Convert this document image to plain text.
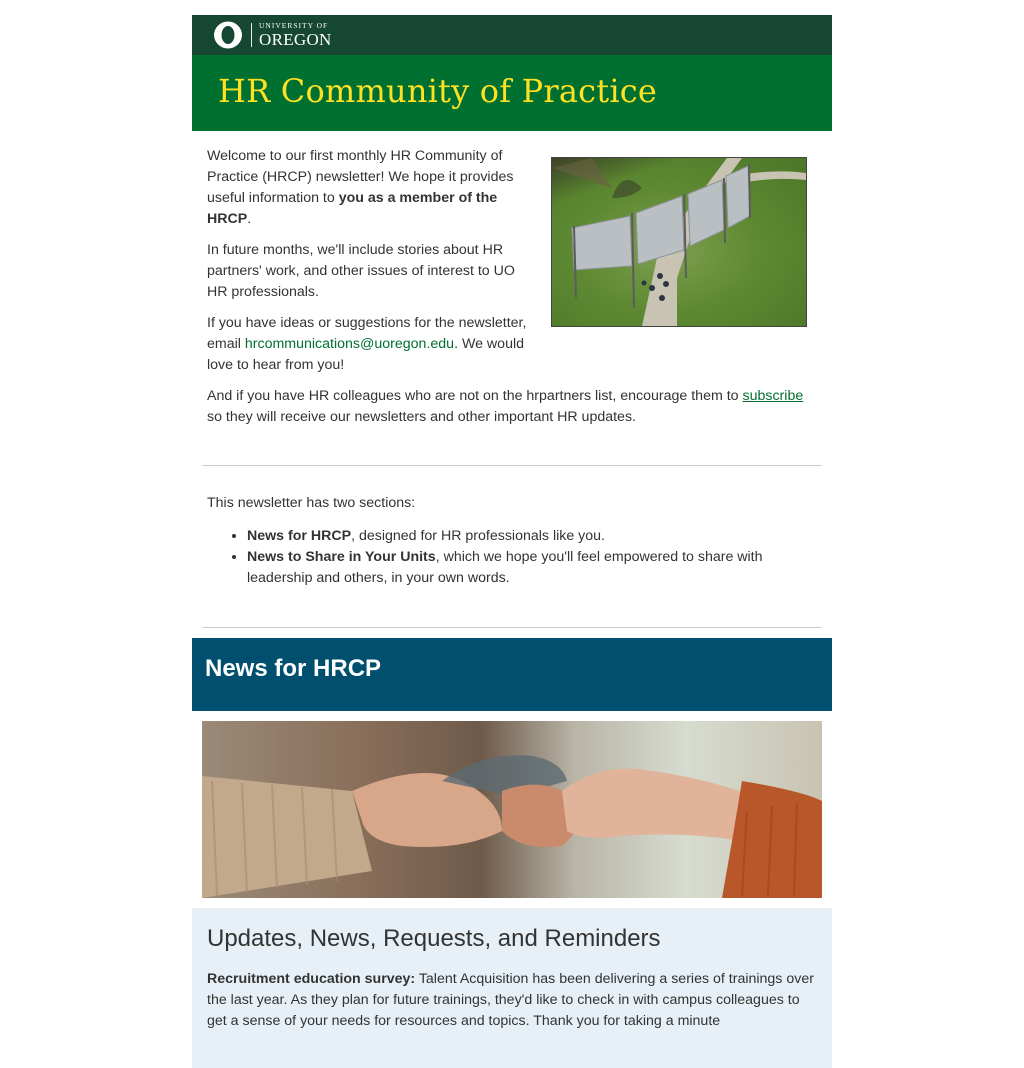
UNIVERSITY OF
OREGON
HR Community of Practice

Welcome to our first monthly HR Community of Practice (HRCP) newsletter! We hope it provides useful information to you as a member of the HRCP.

In future months, we'll include stories about HR partners' work, and other issues of interest to UO HR professionals.

If you have ideas or suggestions for the newsletter, email hrcommunications@uoregon.edu. We would love to hear from you!

And if you have HR colleagues who are not on the hrpartners list, encourage them to subscribe so they will receive our newsletters and other important HR updates.

This newsletter has two sections:

• News for HRCP, designed for HR professionals like you.
• News to Share in Your Units, which we hope you'll feel empowered to share with leadership and others, in your own words.
News for HRCP
Updates, News, Requests, and Reminders

Recruitment education survey: Talent Acquisition has been delivering a series of trainings over the last year. As they plan for future trainings, they'd like to check in with campus colleagues to get a sense of your needs for resources and topics. Thank you for taking a minute
